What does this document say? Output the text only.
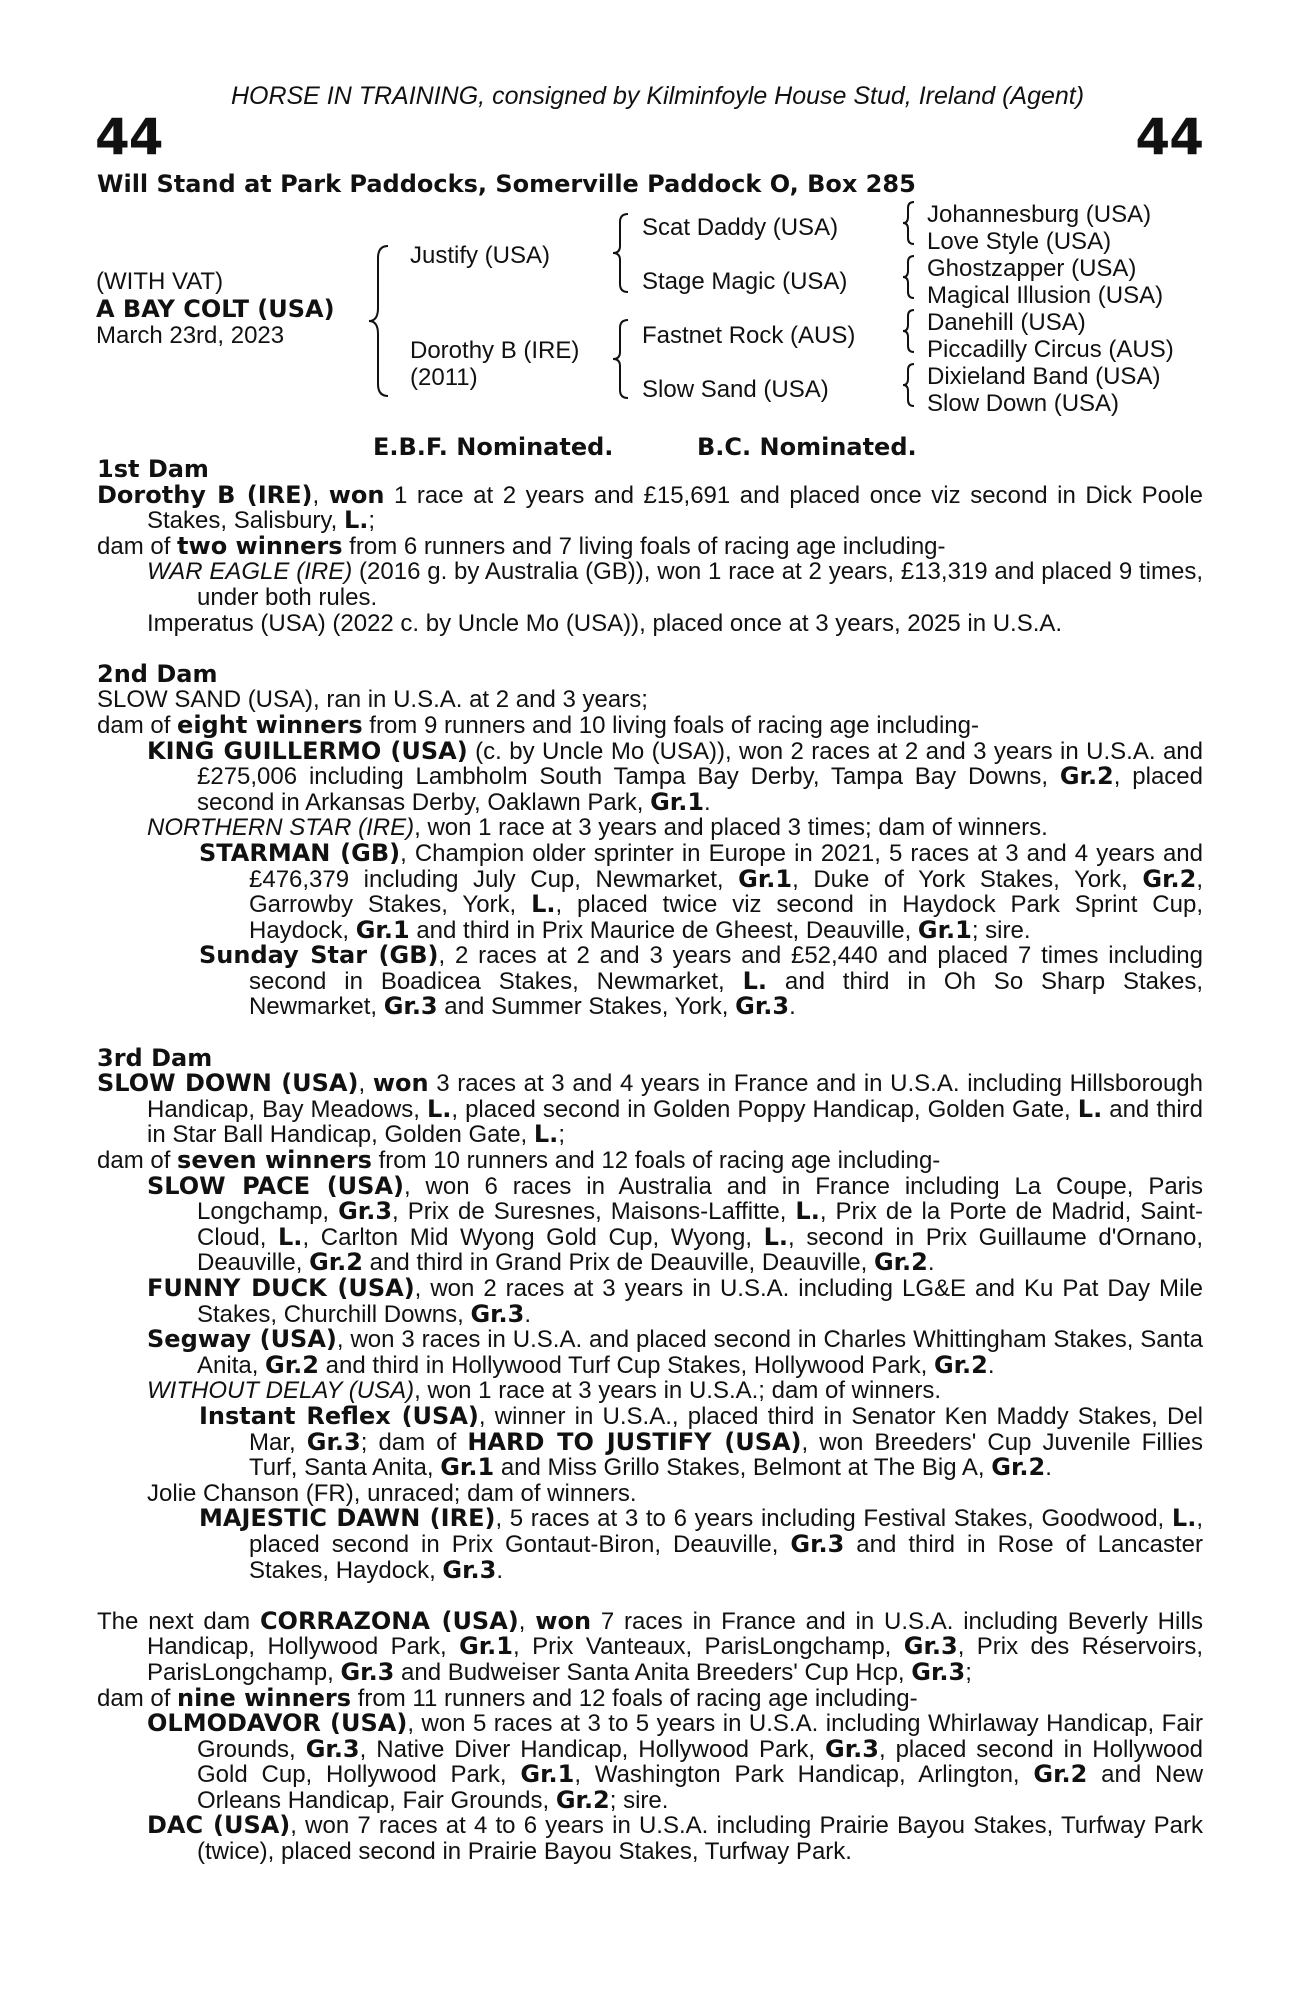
HORSE IN TRAINING, consigned by Kilminfoyle House Stud, Ireland (Agent)
44	44
Will Stand at Park Paddocks, Somerville Paddock O, Box 285
(WITH VAT)
A BAY COLT (USA)
March 23rd, 2023
Justify (USA)
Dorothy B (IRE)
(2011)
Scat Daddy (USA)
Stage Magic (USA)
Fastnet Rock (AUS)
Slow Sand (USA)
Johannesburg (USA)
Love Style (USA)
Ghostzapper (USA)
Magical Illusion (USA)
Danehill (USA)
Piccadilly Circus (AUS)
Dixieland Band (USA)
Slow Down (USA)
E.B.F. Nominated.	B.C. Nominated.
1st Dam
Dorothy B (IRE), won 1 race at 2 years and £15,691 and placed once viz second in Dick Poole Stakes, Salisbury, L.;
dam of two winners from 6 runners and 7 living foals of racing age including-
WAR EAGLE (IRE) (2016 g. by Australia (GB)), won 1 race at 2 years, £13,319 and placed 9 times, under both rules.
Imperatus (USA) (2022 c. by Uncle Mo (USA)), placed once at 3 years, 2025 in U.S.A.
2nd Dam
SLOW SAND (USA), ran in U.S.A. at 2 and 3 years;
dam of eight winners from 9 runners and 10 living foals of racing age including-
KING GUILLERMO (USA) (c. by Uncle Mo (USA)), won 2 races at 2 and 3 years in U.S.A. and £275,006 including Lambholm South Tampa Bay Derby, Tampa Bay Downs, Gr.2, placed second in Arkansas Derby, Oaklawn Park, Gr.1.
NORTHERN STAR (IRE), won 1 race at 3 years and placed 3 times; dam of winners.
STARMAN (GB), Champion older sprinter in Europe in 2021, 5 races at 3 and 4 years and £476,379 including July Cup, Newmarket, Gr.1, Duke of York Stakes, York, Gr.2, Garrowby Stakes, York, L., placed twice viz second in Haydock Park Sprint Cup, Haydock, Gr.1 and third in Prix Maurice de Gheest, Deauville, Gr.1; sire.
Sunday Star (GB), 2 races at 2 and 3 years and £52,440 and placed 7 times including second in Boadicea Stakes, Newmarket, L. and third in Oh So Sharp Stakes, Newmarket, Gr.3 and Summer Stakes, York, Gr.3.
3rd Dam
SLOW DOWN (USA), won 3 races at 3 and 4 years in France and in U.S.A. including Hillsborough Handicap, Bay Meadows, L., placed second in Golden Poppy Handicap, Golden Gate, L. and third in Star Ball Handicap, Golden Gate, L.;
dam of seven winners from 10 runners and 12 foals of racing age including-
SLOW PACE (USA), won 6 races in Australia and in France including La Coupe, Paris Longchamp, Gr.3, Prix de Suresnes, Maisons-Laffitte, L., Prix de la Porte de Madrid, Saint-Cloud, L., Carlton Mid Wyong Gold Cup, Wyong, L., second in Prix Guillaume d'Ornano, Deauville, Gr.2 and third in Grand Prix de Deauville, Deauville, Gr.2.
FUNNY DUCK (USA), won 2 races at 3 years in U.S.A. including LG&E and Ku Pat Day Mile Stakes, Churchill Downs, Gr.3.
Segway (USA), won 3 races in U.S.A. and placed second in Charles Whittingham Stakes, Santa Anita, Gr.2 and third in Hollywood Turf Cup Stakes, Hollywood Park, Gr.2.
WITHOUT DELAY (USA), won 1 race at 3 years in U.S.A.; dam of winners.
Instant Reflex (USA), winner in U.S.A., placed third in Senator Ken Maddy Stakes, Del Mar, Gr.3; dam of HARD TO JUSTIFY (USA), won Breeders' Cup Juvenile Fillies Turf, Santa Anita, Gr.1 and Miss Grillo Stakes, Belmont at The Big A, Gr.2.
Jolie Chanson (FR), unraced; dam of winners.
MAJESTIC DAWN (IRE), 5 races at 3 to 6 years including Festival Stakes, Goodwood, L., placed second in Prix Gontaut-Biron, Deauville, Gr.3 and third in Rose of Lancaster Stakes, Haydock, Gr.3.
The next dam CORRAZONA (USA), won 7 races in France and in U.S.A. including Beverly Hills Handicap, Hollywood Park, Gr.1, Prix Vanteaux, ParisLongchamp, Gr.3, Prix des Réservoirs, ParisLongchamp, Gr.3 and Budweiser Santa Anita Breeders' Cup Hcp, Gr.3;
dam of nine winners from 11 runners and 12 foals of racing age including-
OLMODAVOR (USA), won 5 races at 3 to 5 years in U.S.A. including Whirlaway Handicap, Fair Grounds, Gr.3, Native Diver Handicap, Hollywood Park, Gr.3, placed second in Hollywood Gold Cup, Hollywood Park, Gr.1, Washington Park Handicap, Arlington, Gr.2 and New Orleans Handicap, Fair Grounds, Gr.2; sire.
DAC (USA), won 7 races at 4 to 6 years in U.S.A. including Prairie Bayou Stakes, Turfway Park (twice), placed second in Prairie Bayou Stakes, Turfway Park.
